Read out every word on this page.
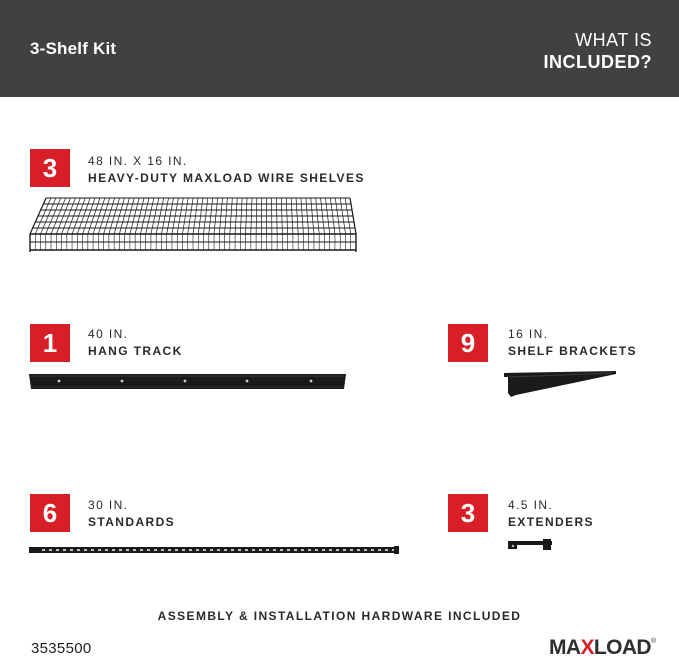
3-Shelf Kit	WHAT IS
INCLUDED?
3	48 IN. X 16 IN.
HEAVY-DUTY MAXLOAD WIRE SHELVES
1	40 IN.
HANG TRACK	9	16 IN.
SHELF BRACKETS
6	30 IN.
STANDARDS	3	4.5 IN.
EXTENDERS
ASSEMBLY & INSTALLATION HARDWARE INCLUDED
3535500	MAXLOAD®
